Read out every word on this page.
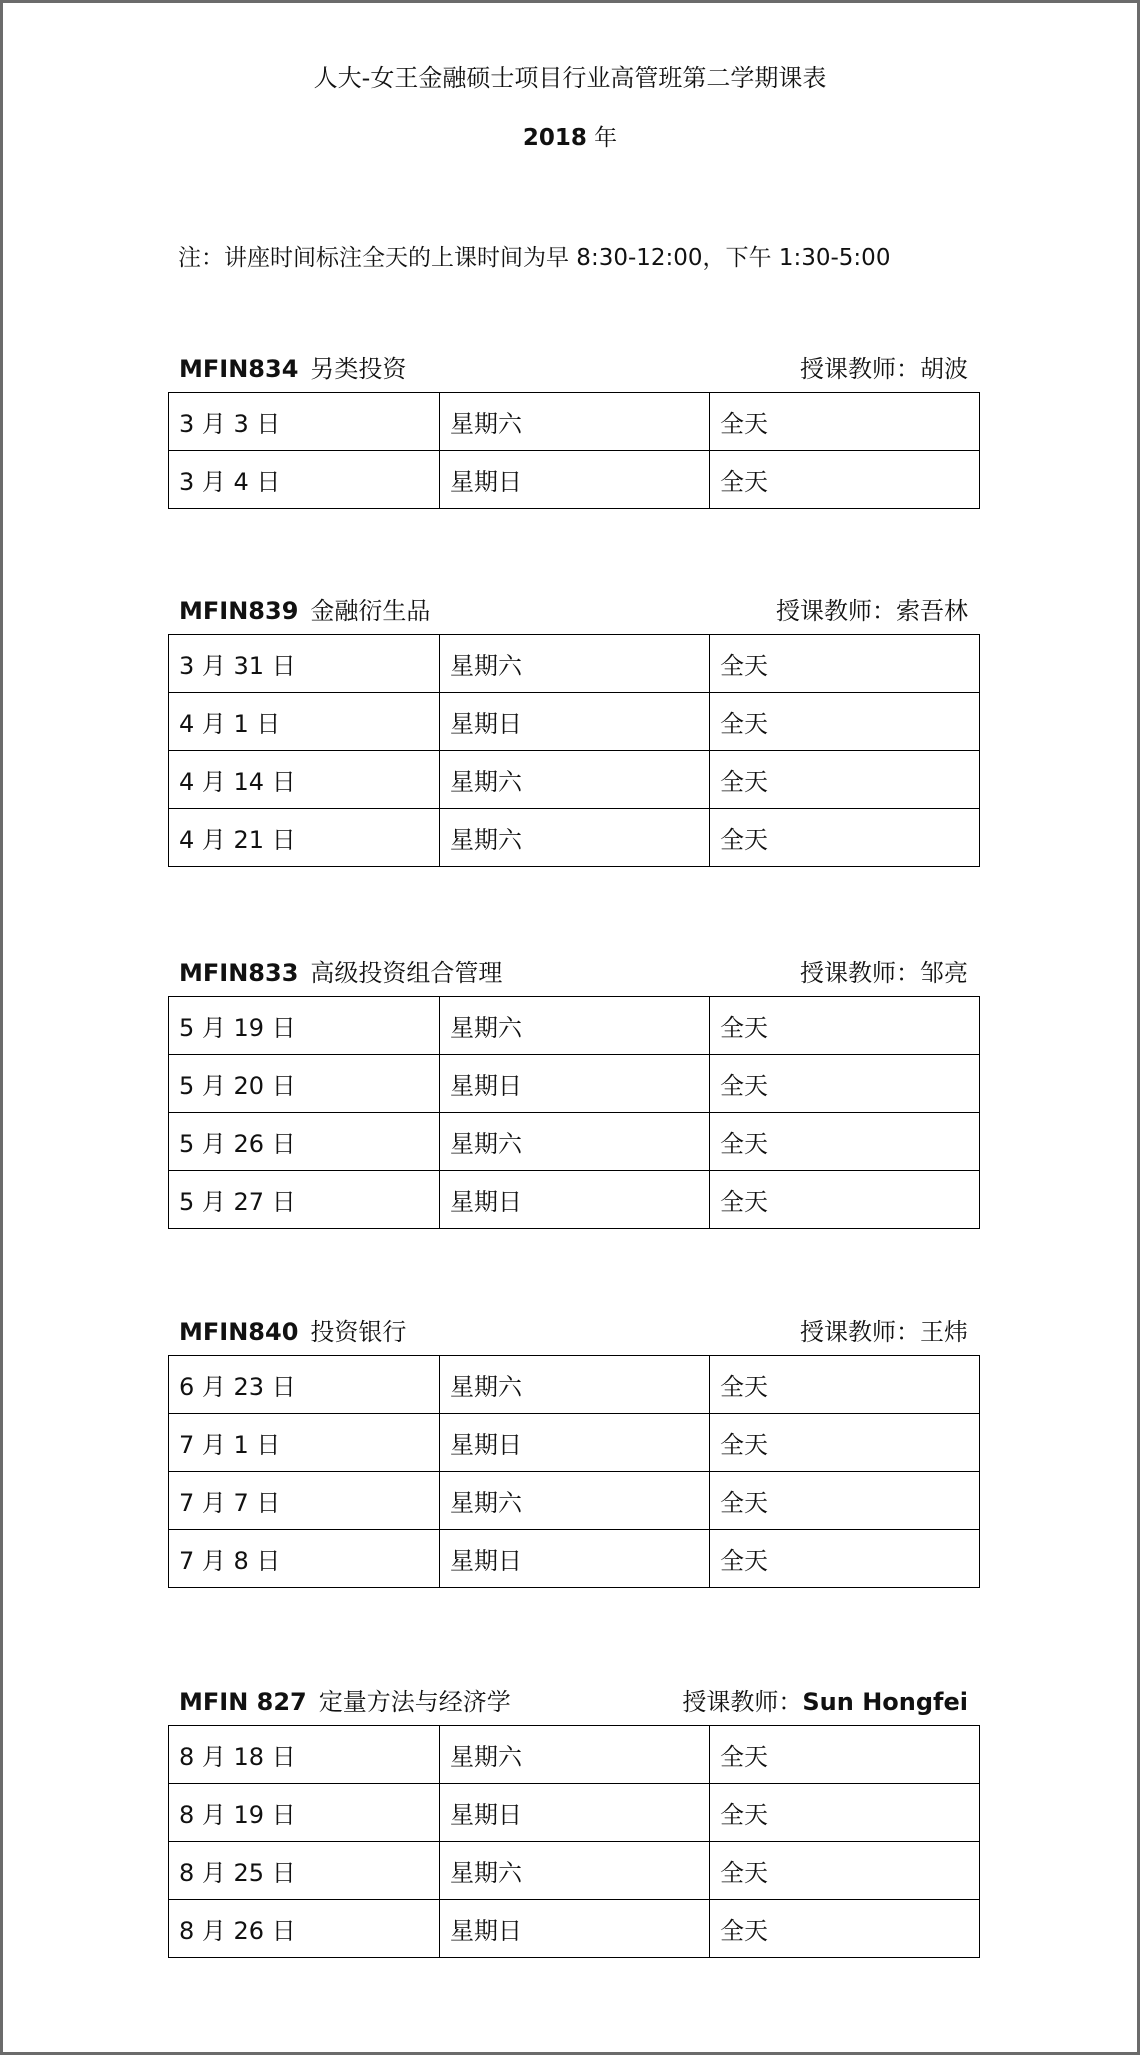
人大-女王金融硕士项目行业高管班第二学期课表
2018 年
注：讲座时间标注全天的上课时间为早 8:30-12:00，下午 1:30-5:00
MFIN834  另类投资	授课教师：胡波
3 月 3 日	星期六	全天
3 月 4 日	星期日	全天
MFIN839  金融衍生品	授课教师：索吾林
3 月 31 日	星期六	全天
4 月 1 日	星期日	全天
4 月 14 日	星期六	全天
4 月 21 日	星期六	全天
MFIN833  高级投资组合管理	授课教师：邹亮
5 月 19 日	星期六	全天
5 月 20 日	星期日	全天
5 月 26 日	星期六	全天
5 月 27 日	星期日	全天
MFIN840  投资银行	授课教师：王炜
6 月 23 日	星期六	全天
7 月 1 日	星期日	全天
7 月 7 日	星期六	全天
7 月 8 日	星期日	全天
MFIN 827  定量方法与经济学	授课教师：Sun Hongfei
8 月 18 日	星期六	全天
8 月 19 日	星期日	全天
8 月 25 日	星期六	全天
8 月 26 日	星期日	全天
